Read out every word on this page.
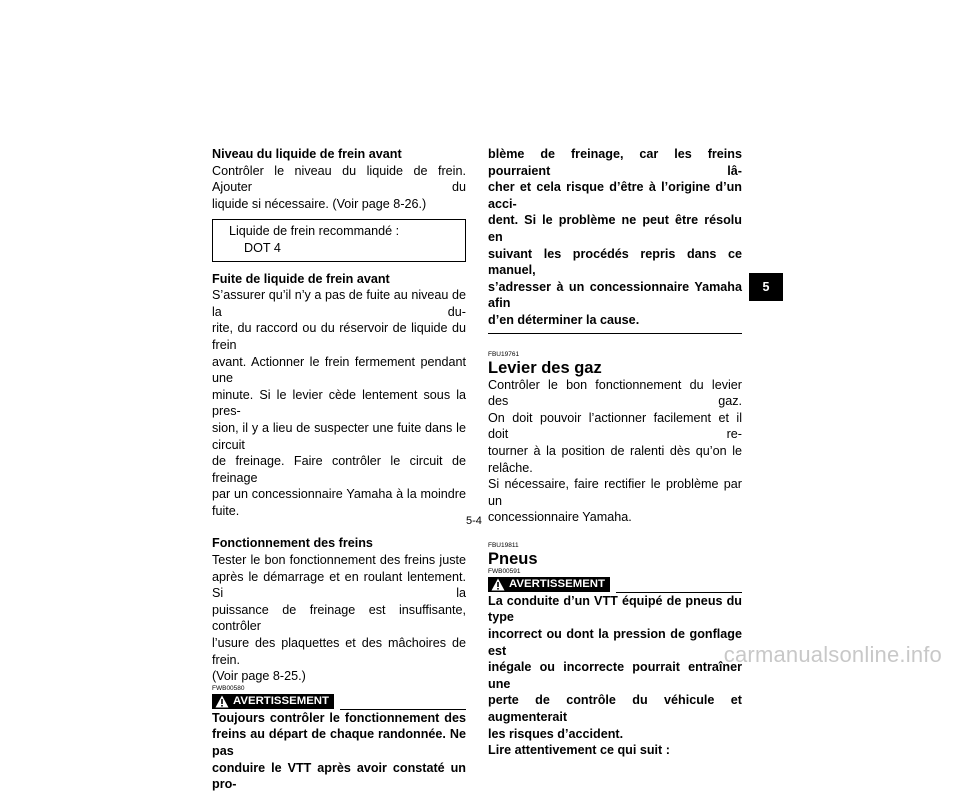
Niveau du liquide de frein avant

Contrôler le niveau du liquide de frein. Ajouter du

liquide si nécessaire. (Voir page 8-26.)

Liquide de frein recommandé :
DOT 4

Fuite de liquide de frein avant

S’assurer qu’il n’y a pas de fuite au niveau de la du-

rite, du raccord ou du réservoir de liquide du frein

avant. Actionner le frein fermement pendant une

minute. Si le levier cède lentement sous la pres-

sion, il y a lieu de suspecter une fuite dans le circuit

de freinage. Faire contrôler le circuit de freinage

par un concessionnaire Yamaha à la moindre fuite.

Fonctionnement des freins

Tester le bon fonctionnement des freins juste

après le démarrage et en roulant lentement. Si la

puissance de freinage est insuffisante, contrôler

l’usure des plaquettes et des mâchoires de frein.

(Voir page 8-25.)

FWB00580

AVERTISSEMENT

Toujours contrôler le fonctionnement des

freins au départ de chaque randonnée. Ne pas

conduire le VTT après avoir constaté un pro-

blème de freinage, car les freins pourraient lâ-

cher et cela risque d’être à l’origine d’un acci-

dent. Si le problème ne peut être résolu en

suivant les procédés repris dans ce manuel,

s’adresser à un concessionnaire Yamaha afin

d’en déterminer la cause.

FBU19761

Levier des gaz

Contrôler le bon fonctionnement du levier des gaz.

On doit pouvoir l’actionner facilement et il doit re-

tourner à la position de ralenti dès qu’on le relâche.

Si nécessaire, faire rectifier le problème par un

concessionnaire Yamaha.

FBU19811

Pneus

FWB00591

AVERTISSEMENT

La conduite d’un VTT équipé de pneus du type

incorrect ou dont la pression de gonflage est

inégale ou incorrecte pourrait entraîner une

perte de contrôle du véhicule et augmenterait

les risques d’accident.

Lire attentivement ce qui suit :

5
5-4
carmanualsonline.info
